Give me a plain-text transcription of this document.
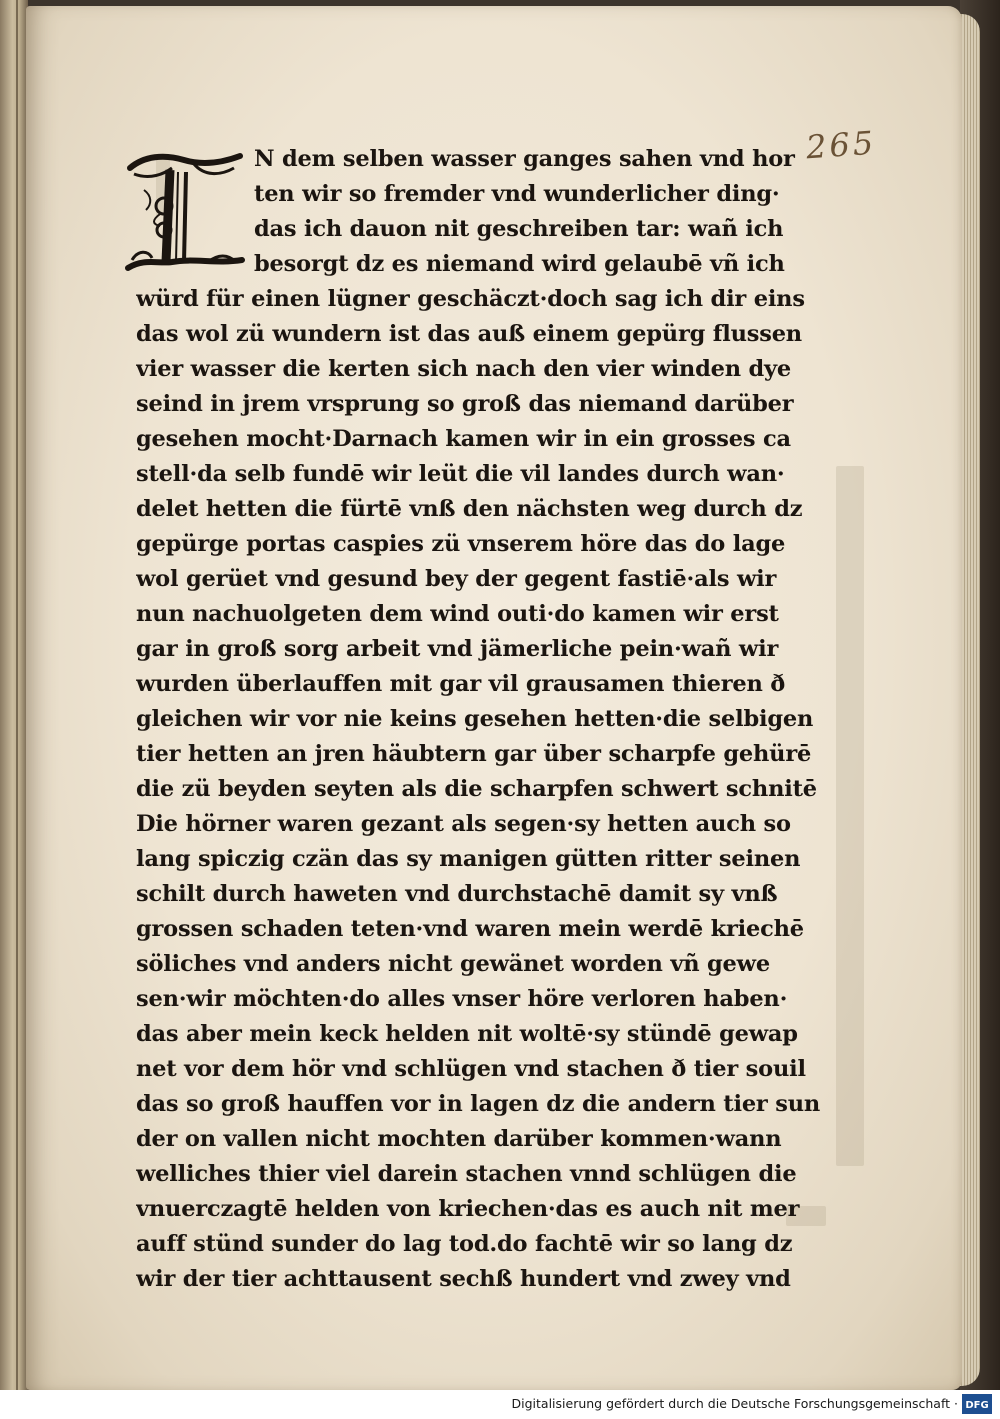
265
N dem selben wasser ganges sahen vnd hor
ten wir so fremder vnd wunderlicher ding·
das ich dauon nit geschreiben tar: wañ ich
besorgt dz es niemand wird gelaubē vñ ich
würd für einen lügner geschäczt·doch sag ich dir eins
das wol zü wundern ist das auß einem gepürg flussen
vier wasser die kerten sich nach den vier winden dye
seind in jrem vrsprung so groß das niemand darüber
gesehen mocht·Darnach kamen wir in ein grosses ca
stell·da selb fundē wir leüt die vil landes durch wan·
delet hetten die fürtē vnß den nächsten weg durch dz
gepürge portas caspies zü vnserem höre das do lage
wol gerüet vnd gesund bey der gegent fastiē·als wir
nun nachuolgeten dem wind outi·do kamen wir erst
gar in groß sorg arbeit vnd jämerliche pein·wañ wir
wurden überlauffen mit gar vil grausamen thieren ð
gleichen wir vor nie keins gesehen hetten·die selbigen
tier hetten an jren häubtern gar über scharpfe gehürē
die zü beyden seyten als die scharpfen schwert schnitē
Die hörner waren gezant als segen·sy hetten auch so
lang spiczig czän das sy manigen gütten ritter seinen
schilt durch haweten vnd durchstachē damit sy vnß
grossen schaden teten·vnd waren mein werdē kriechē
söliches vnd anders nicht gewänet worden vñ gewe
sen·wir möchten·do alles vnser höre verloren haben·
das aber mein keck helden nit woltē·sy stündē gewap
net vor dem hör vnd schlügen vnd stachen ð tier souil
das so groß hauffen vor in lagen dz die andern tier sun
der on vallen nicht mochten darüber kommen·wann
welliches thier viel darein stachen vnnd schlügen die
vnuerczagtē helden von kriechen·das es auch nit mer
auff stünd sunder do lag tod.do fachtē wir so lang dz
wir der tier achttausent sechß hundert vnd zwey vnd
Digitalisierung gefördert durch die Deutsche Forschungsgemeinschaft · DFG
